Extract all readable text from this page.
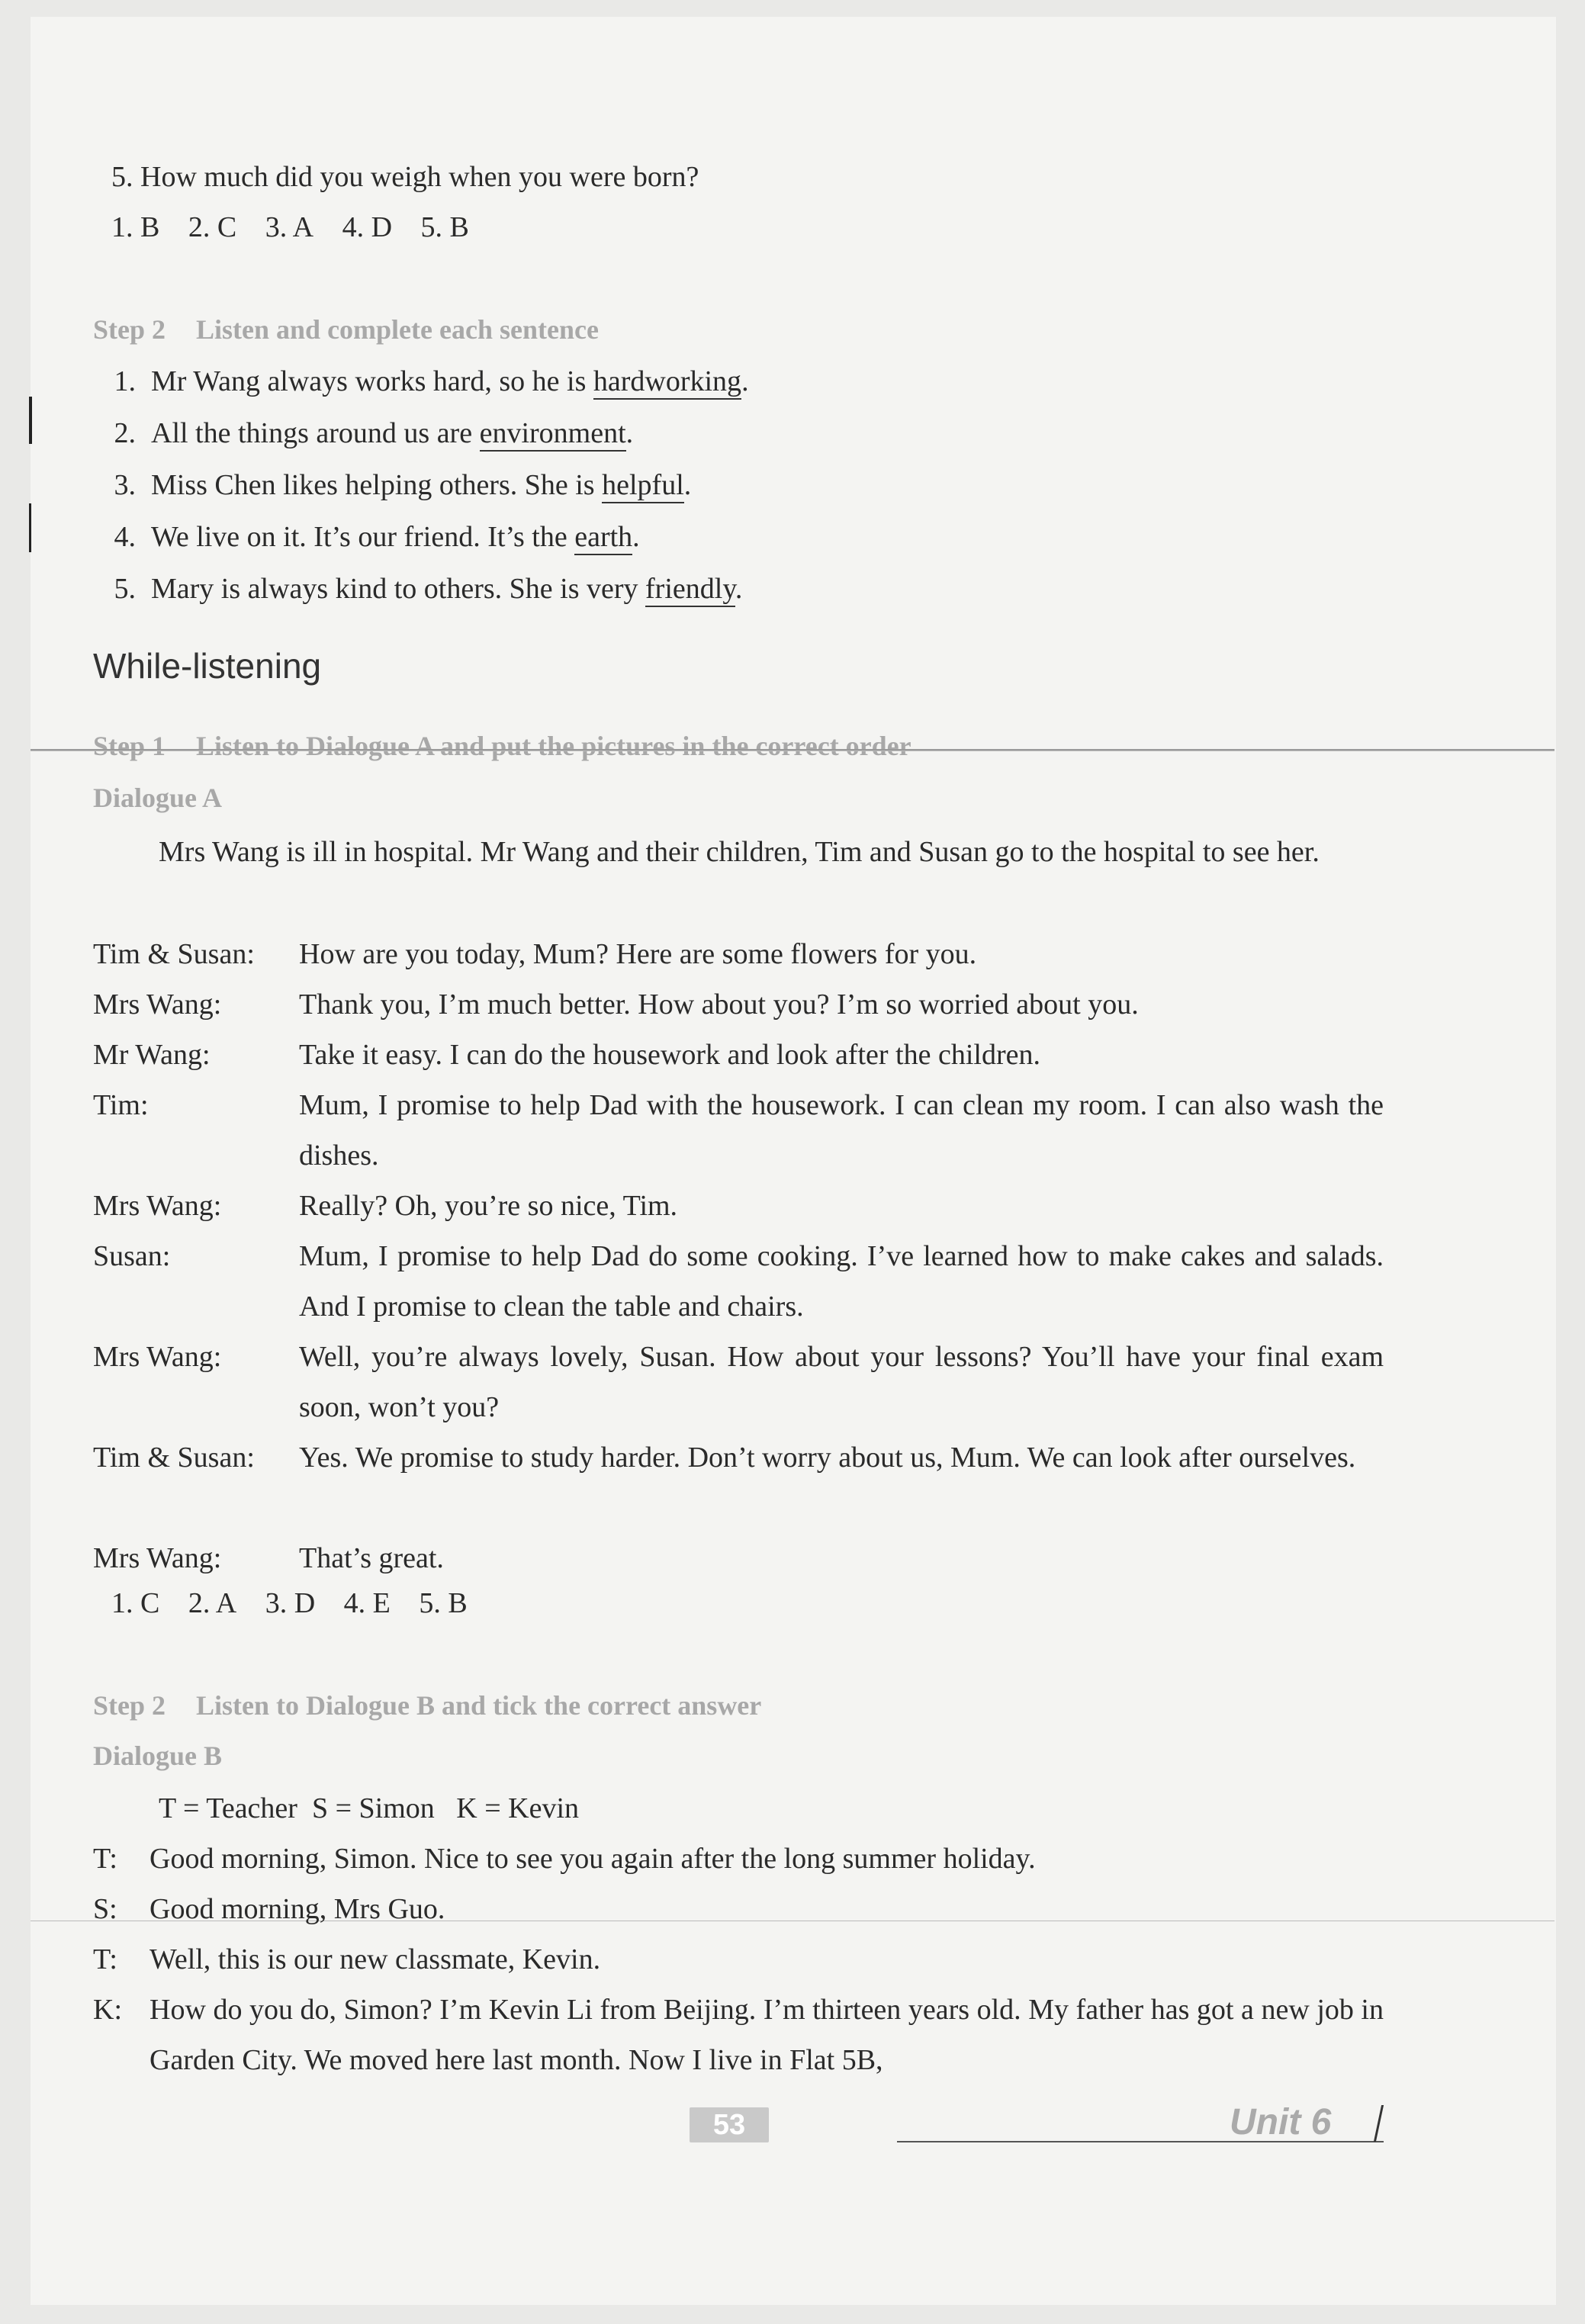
5. How much did you weigh when you were born?
1. B 2. C 3. A 4. D 5. B
Step 2 Listen and complete each sentence
1. Mr Wang always works hard, so he is hardworking.
2. All the things around us are environment.
3. Miss Chen likes helping others. She is helpful.
4. We live on it. It’s our friend. It’s the earth.
5. Mary is always kind to others. She is very friendly.
While-listening
Step 1 Listen to Dialogue A and put the pictures in the correct order
Dialogue A
Mrs Wang is ill in hospital. Mr Wang and their children, Tim and Susan go to the hospital to see her.
Tim & Susan: How are you today, Mum? Here are some flowers for you.
Mrs Wang:	Thank you, I’m much better. How about you? I’m so worried about you.
Mr Wang:	Take it easy. I can do the housework and look after the children.
Tim:	Mum, I promise to help Dad with the housework. I can clean my room. I can also wash the dishes.
Mrs Wang:	Really? Oh, you’re so nice, Tim.
Susan:	Mum, I promise to help Dad do some cooking. I’ve learned how to make cakes and salads. And I promise to clean the table and chairs.
Mrs Wang:	Well, you’re always lovely, Susan. How about your lessons? You’ll have your final exam soon, won’t you?
Tim & Susan: Yes. We promise to study harder. Don’t worry about us, Mum. We can look after ourselves.
Mrs Wang:	That’s great.
1. C 2. A 3. D 4. E 5. B
Step 2 Listen to Dialogue B and tick the correct answer
Dialogue B
T = Teacher  S = Simon   K = Kevin
T: Good morning, Simon. Nice to see you again after the long summer holiday.
S: Good morning, Mrs Guo.
T: Well, this is our new classmate, Kevin.
K: How do you do, Simon? I’m Kevin Li from Beijing. I’m thirteen years old. My father has got a new job in Garden City. We moved here last month. Now I live in Flat 5B,
53	Unit 6
